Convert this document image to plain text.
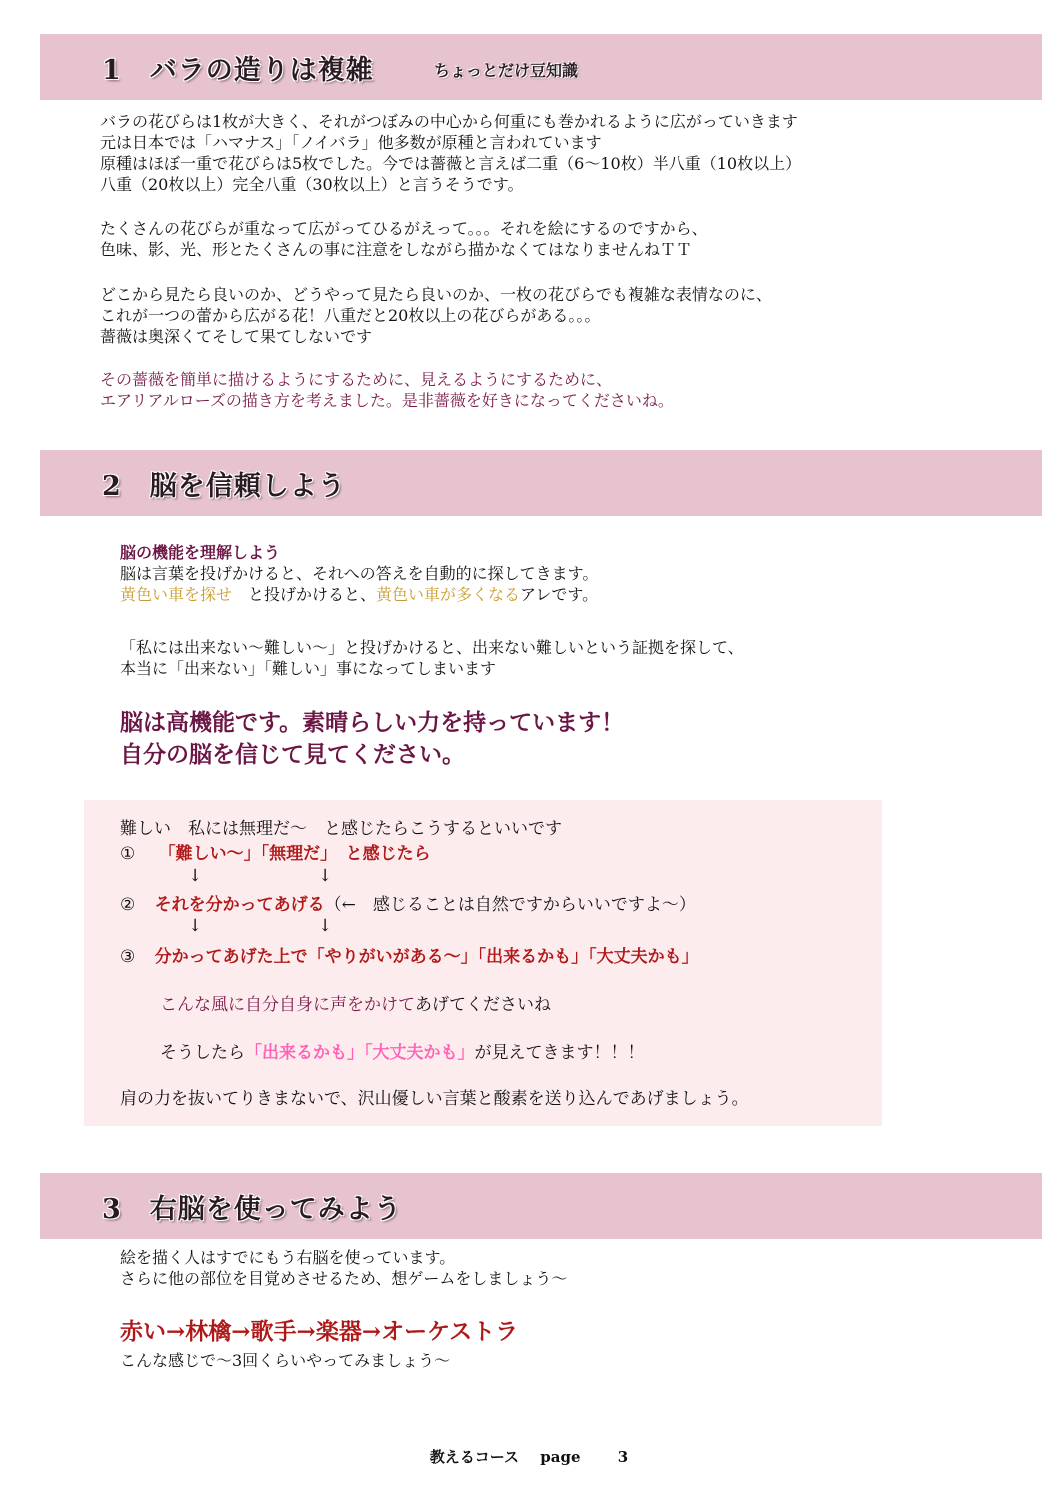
1　バラの造りは複雑	ちょっとだけ豆知識
バラの花びらは1枚が大きく、それがつぼみの中心から何重にも巻かれるように広がっていきます
元は日本では「ハマナス」「ノイバラ」他多数が原種と言われています
原種はほぼ一重で花びらは5枚でした。今では薔薇と言えば二重（6～10枚）半八重（10枚以上）
八重（20枚以上）完全八重（30枚以上）と言うそうです。
たくさんの花びらが重なって広がってひるがえって。。。それを絵にするのですから、
色味、影、光、形とたくさんの事に注意をしながら描かなくてはなりませんねＴＴ
どこから見たら良いのか、どうやって見たら良いのか、一枚の花びらでも複雑な表情なのに、
これが一つの蕾から広がる花！八重だと20枚以上の花びらがある。。。
薔薇は奥深くてそして果てしないです
その薔薇を簡単に描けるようにするために、見えるようにするために、
エアリアルローズの描き方を考えました。是非薔薇を好きになってくださいね。
2　脳を信頼しよう
脳の機能を理解しよう
脳は言葉を投げかけると、それへの答えを自動的に探してきます。
黄色い車を探せ　と投げかけると、黄色い車が多くなるアレです。
「私には出来ない～難しい～」と投げかけると、出来ない難しいという証拠を探して、
本当に「出来ない」「難しい」事になってしまいます
脳は高機能です。素晴らしい力を持っています！
自分の脳を信じて見てください。
難しい　私には無理だ～　と感じたらこうするといいです
① 「難しい～」「無理だ」　と感じたら
↓	↓
② それを分かってあげる（←　感じることは自然ですからいいですよ～）
↓	↓
③ 分かってあげた上で「やりがいがある～」「出来るかも」「大丈夫かも」
こんな風に自分自身に声をかけてあげてくださいね
そうしたら「出来るかも」「大丈夫かも」が見えてきます！！！
肩の力を抜いてりきまないで、沢山優しい言葉と酸素を送り込んであげましょう。
3　右脳を使ってみよう
絵を描く人はすでにもう右脳を使っています。
さらに他の部位を目覚めさせるため、想ゲームをしましょう～
赤い→林檎→歌手→楽器→オーケストラ
こんな感じで～3回くらいやってみましょう～
教えるコース page 3
